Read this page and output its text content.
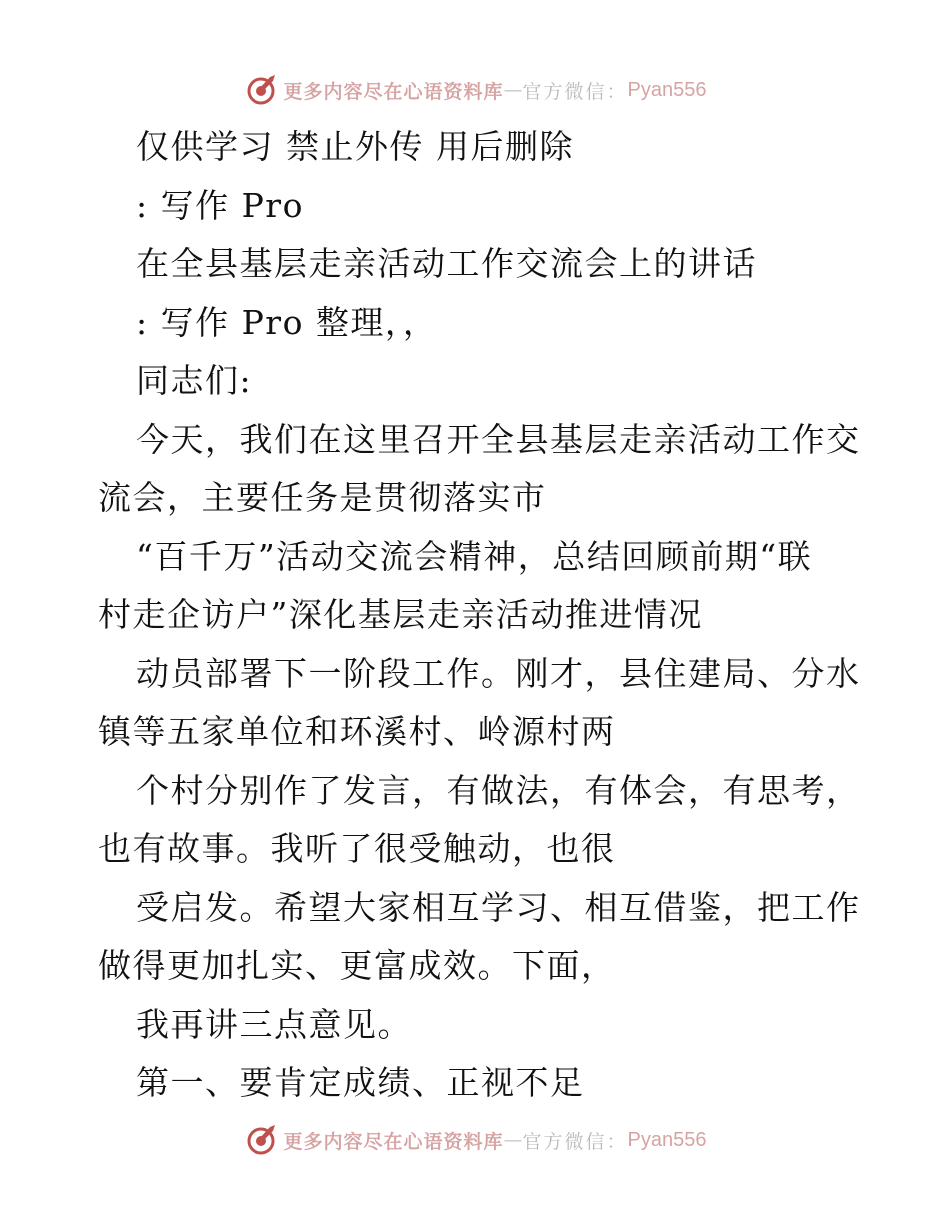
更多内容尽在心语资料库 — 官方微信： Pyan556
仅供学习 禁止外传 用后删除
: 写作 Pro
在全县基层走亲活动工作交流会上的讲话
: 写作 Pro 整理，，
同志们:
今天，我们在这里召开全县基层走亲活动工作交
流会，主要任务是贯彻落实市
“百千万”活动交流会精神，总结回顾前期“联
村走企访户”深化基层走亲活动推进情况
动员部署下一阶段工作。刚才，县住建局、分水
镇等五家单位和环溪村、岭源村两
个村分别作了发言，有做法，有体会，有思考，
也有故事。我听了很受触动，也很
受启发。希望大家相互学习、相互借鉴，把工作
做得更加扎实、更富成效。下面，
我再讲三点意见。
第一、要肯定成绩、正视不足
更多内容尽在心语资料库 — 官方微信： Pyan556
